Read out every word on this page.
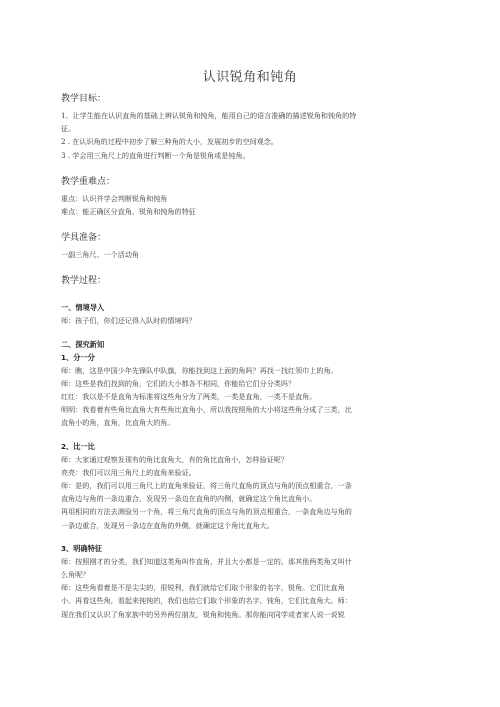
认识锐角和钝角

教学目标：

1、让学生能在认识直角的基础上辨认锐角和钝角，能用自己的语言准确的描述锐角和钝角的特

征。

2 . 在认识角的过程中初步了解三种角的大小，发展初步的空间观念。

3 . 学会用三角尺上的直角进行判断一个角是锐角或是钝角。

教学重难点：

重点：认识并学会判断锐角和钝角

难点：能正确区分直角、锐角和钝角的特征

学具准备：

一副三角尺、一个活动角

教学过程：

一、情境导入

师：孩子们，你们还记得入队时的情境吗？

二、探究新知

1、分一分

师：瞧，这是中国少年先锋队中队旗，你能找到这上面的角吗？再找一找红领巾上的角。

师：这些是我们找到的角，它们的大小都各不相同，你能给它们分分类吗？

红红：我以是不是直角为标准将这些角分为了两类，一类是直角，一类不是直角。

明明：我看着有些角比直角大有些角比直角小，所以我按照角的大小将这些角分成了三类，比

直角小的角，直角，比直角大的角。

2、比一比

师：大家通过观察发现有的角比直角大，有的角比直角小，怎样验证呢？

亮亮：我们可以用三角尺上的直角来验证。

师：是的，我们可以用三角尺上的直角来验证，将三角尺直角的顶点与角的顶点相重合，一条

直角边与角的一条边重合，发现另一条边在直角的内侧，就确定这个角比直角小。

再用相同的方法去测验另一个角，将三角尺直角的顶点与角的顶点相重合，一条直角边与角的

一条边重合，发现另一条边在直角的外侧，就确定这个角比直角大。

3、明确特征

师：按照刚才的分类，我们知道这类角叫作直角，并且大小都是一定的。那其他两类角又叫什

么角呢？

师：这些角看着是不是尖尖的，很锐利，我们就给它们取个形象的名字，锐角。它们比直角

小。再看这些角，看起来钝钝的，我们也给它们取个形象的名字，钝角，它们比直角大。师：

现在我们又认识了角家族中的另外两位朋友，锐角和钝角。那你能向同学或者家人说一说锐
